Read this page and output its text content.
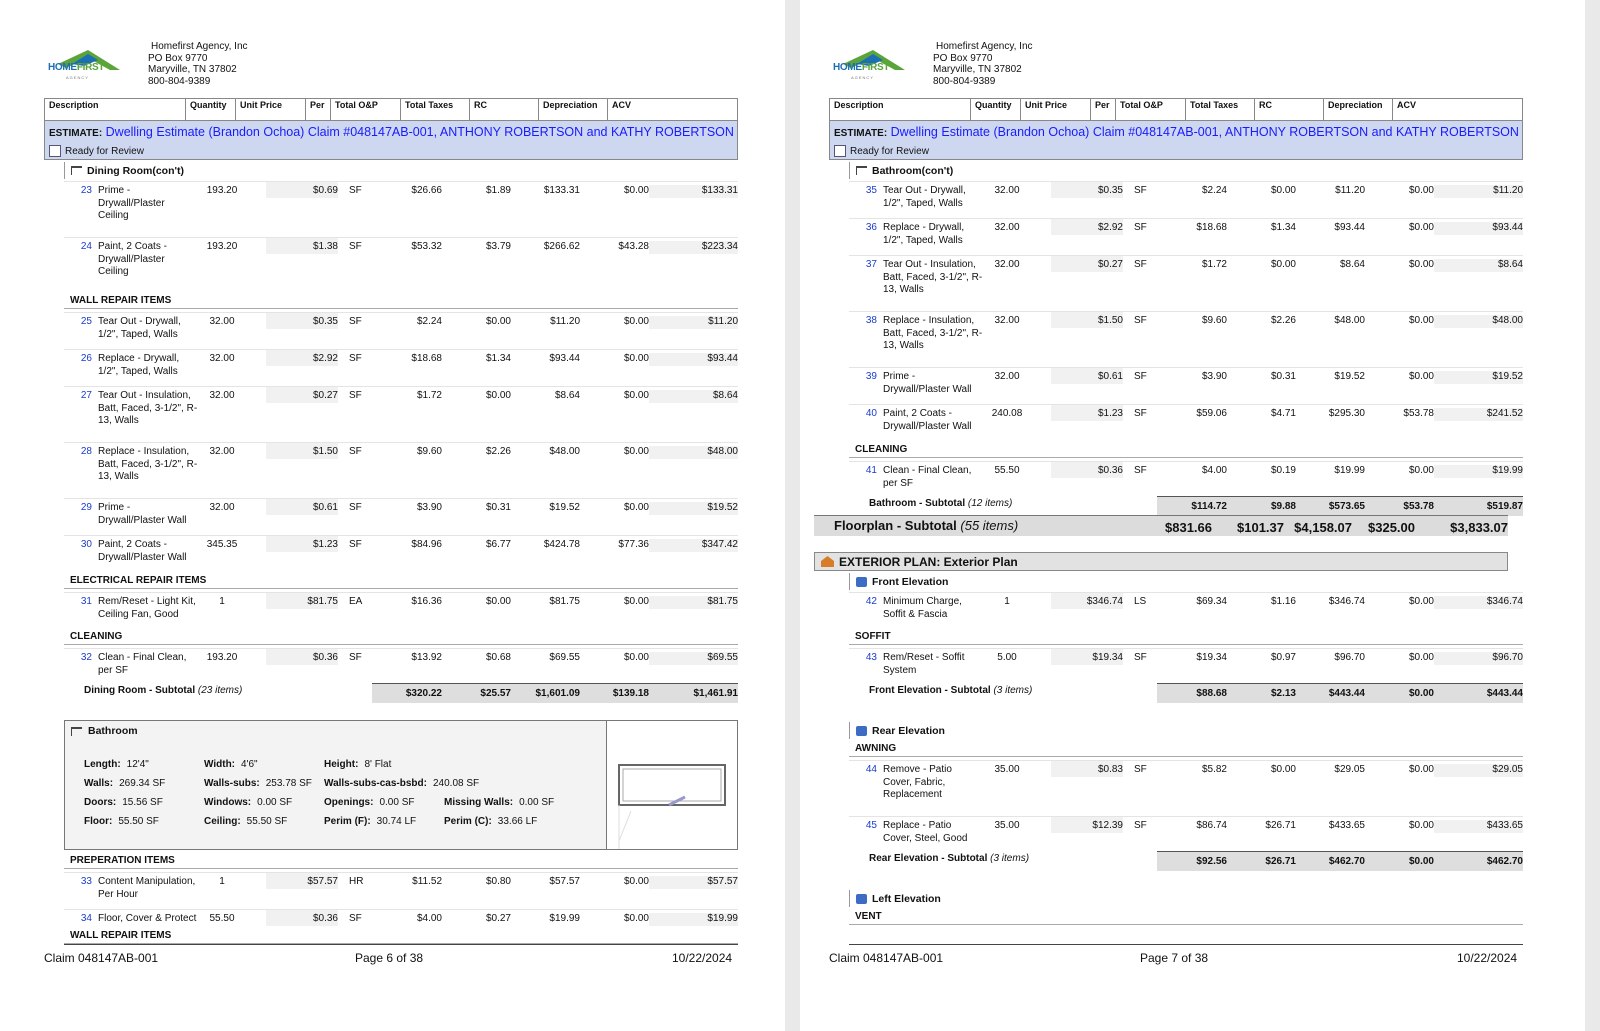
HOMEFIRST
AGENCY
Homefirst Agency, Inc
PO Box 9770
Maryville, TN 37802
800-804-9389
Description	Quantity	Unit Price	Per	Total O&P	Total Taxes	RC	Depreciation	ACV
ESTIMATE: Dwelling Estimate (Brandon Ochoa) Claim #048147AB-001, ANTHONY ROBERTSON and KATHY ROBERTSON
Ready for Review
Dining Room(con't)
23 Prime - Drywall/Plaster Ceiling
193.20	$0.69 SF	$26.66	$1.89	$133.31	$0.00	$133.31
24 Paint, 2 Coats - Drywall/Plaster Ceiling
193.20	$1.38 SF	$53.32	$3.79	$266.62	$43.28	$223.34
WALL REPAIR ITEMS
25 Tear Out - Drywall, 1/2", Taped, Walls
32.00	$0.35 SF	$2.24	$0.00	$11.20	$0.00	$11.20
26 Replace - Drywall, 1/2", Taped, Walls
32.00	$2.92 SF	$18.68	$1.34	$93.44	$0.00	$93.44
27 Tear Out - Insulation, Batt, Faced, 3-1/2", R-13, Walls
32.00	$0.27 SF	$1.72	$0.00	$8.64	$0.00	$8.64
28 Replace - Insulation, Batt, Faced, 3-1/2", R-13, Walls
32.00	$1.50 SF	$9.60	$2.26	$48.00	$0.00	$48.00
29 Prime - Drywall/Plaster Wall
32.00	$0.61 SF	$3.90	$0.31	$19.52	$0.00	$19.52
30 Paint, 2 Coats - Drywall/Plaster Wall
345.35	$1.23 SF	$84.96	$6.77	$424.78	$77.36	$347.42
ELECTRICAL REPAIR ITEMS
31 Rem/Reset - Light Kit, Ceiling Fan, Good
1	$81.75 EA	$16.36	$0.00	$81.75	$0.00	$81.75
CLEANING
32 Clean - Final Clean, per SF
193.20	$0.36 SF	$13.92	$0.68	$69.55	$0.00	$69.55
Dining Room - Subtotal (23 items)	$320.22	$25.57	$1,601.09	$139.18	$1,461.91
Bathroom
Length: 12'4"	Width: 4'6"	Height: 8' Flat
Walls: 269.34 SF	Walls-subs: 253.78 SF Walls-subs-cas-bsbd: 240.08 SF
Doors: 15.56 SF	Windows: 0.00 SF	Openings: 0.00 SF	Missing Walls: 0.00 SF
Floor: 55.50 SF	Ceiling: 55.50 SF	Perim (F): 30.74 LF	Perim (C): 33.66 LF
PREPERATION ITEMS
33 Content Manipulation, Per Hour
1	$57.57 HR	$11.52	$0.80	$57.57	$0.00	$57.57
34 Floor, Cover & Protect	55.50	$0.36 SF	$4.00	$0.27	$19.99	$0.00	$19.99
WALL REPAIR ITEMS
Claim 048147AB-001	Page 6 of 38	10/22/2024
HOMEFIRST
AGENCY
Homefirst Agency, Inc
PO Box 9770
Maryville, TN 37802
800-804-9389
Description	Quantity	Unit Price	Per	Total O&P	Total Taxes	RC	Depreciation	ACV
ESTIMATE: Dwelling Estimate (Brandon Ochoa) Claim #048147AB-001, ANTHONY ROBERTSON and KATHY ROBERTSON
Ready for Review
Bathroom(con't)
35 Tear Out - Drywall, 1/2", Taped, Walls
32.00	$0.35 SF	$2.24	$0.00	$11.20	$0.00	$11.20
36 Replace - Drywall, 1/2", Taped, Walls
32.00	$2.92 SF	$18.68	$1.34	$93.44	$0.00	$93.44
37 Tear Out - Insulation, Batt, Faced, 3-1/2", R-13, Walls
32.00	$0.27 SF	$1.72	$0.00	$8.64	$0.00	$8.64
38 Replace - Insulation, Batt, Faced, 3-1/2", R-13, Walls
32.00	$1.50 SF	$9.60	$2.26	$48.00	$0.00	$48.00
39 Prime - Drywall/Plaster Wall
32.00	$0.61 SF	$3.90	$0.31	$19.52	$0.00	$19.52
40 Paint, 2 Coats - Drywall/Plaster Wall
240.08	$1.23 SF	$59.06	$4.71	$295.30	$53.78	$241.52
CLEANING
41 Clean - Final Clean, per SF
55.50	$0.36 SF	$4.00	$0.19	$19.99	$0.00	$19.99
Bathroom - Subtotal (12 items)	$114.72	$9.88	$573.65	$53.78	$519.87
Floorplan - Subtotal (55 items)	$831.66	$101.37 $4,158.07	$325.00	$3,833.07
EXTERIOR PLAN: Exterior Plan
Front Elevation
42 Minimum Charge, Soffit & Fascia
1	$346.74 LS	$69.34	$1.16	$346.74	$0.00	$346.74
SOFFIT
43 Rem/Reset - Soffit System
5.00	$19.34 SF	$19.34	$0.97	$96.70	$0.00	$96.70
Front Elevation - Subtotal (3 items)	$88.68	$2.13	$443.44	$0.00	$443.44
Rear Elevation
AWNING
44 Remove - Patio Cover, Fabric, Replacement
35.00	$0.83 SF	$5.82	$0.00	$29.05	$0.00	$29.05
45 Replace - Patio Cover, Steel, Good
35.00	$12.39 SF	$86.74	$26.71	$433.65	$0.00	$433.65
Rear Elevation - Subtotal (3 items)	$92.56	$26.71	$462.70	$0.00	$462.70
Left Elevation
VENT
Claim 048147AB-001	Page 7 of 38	10/22/2024
